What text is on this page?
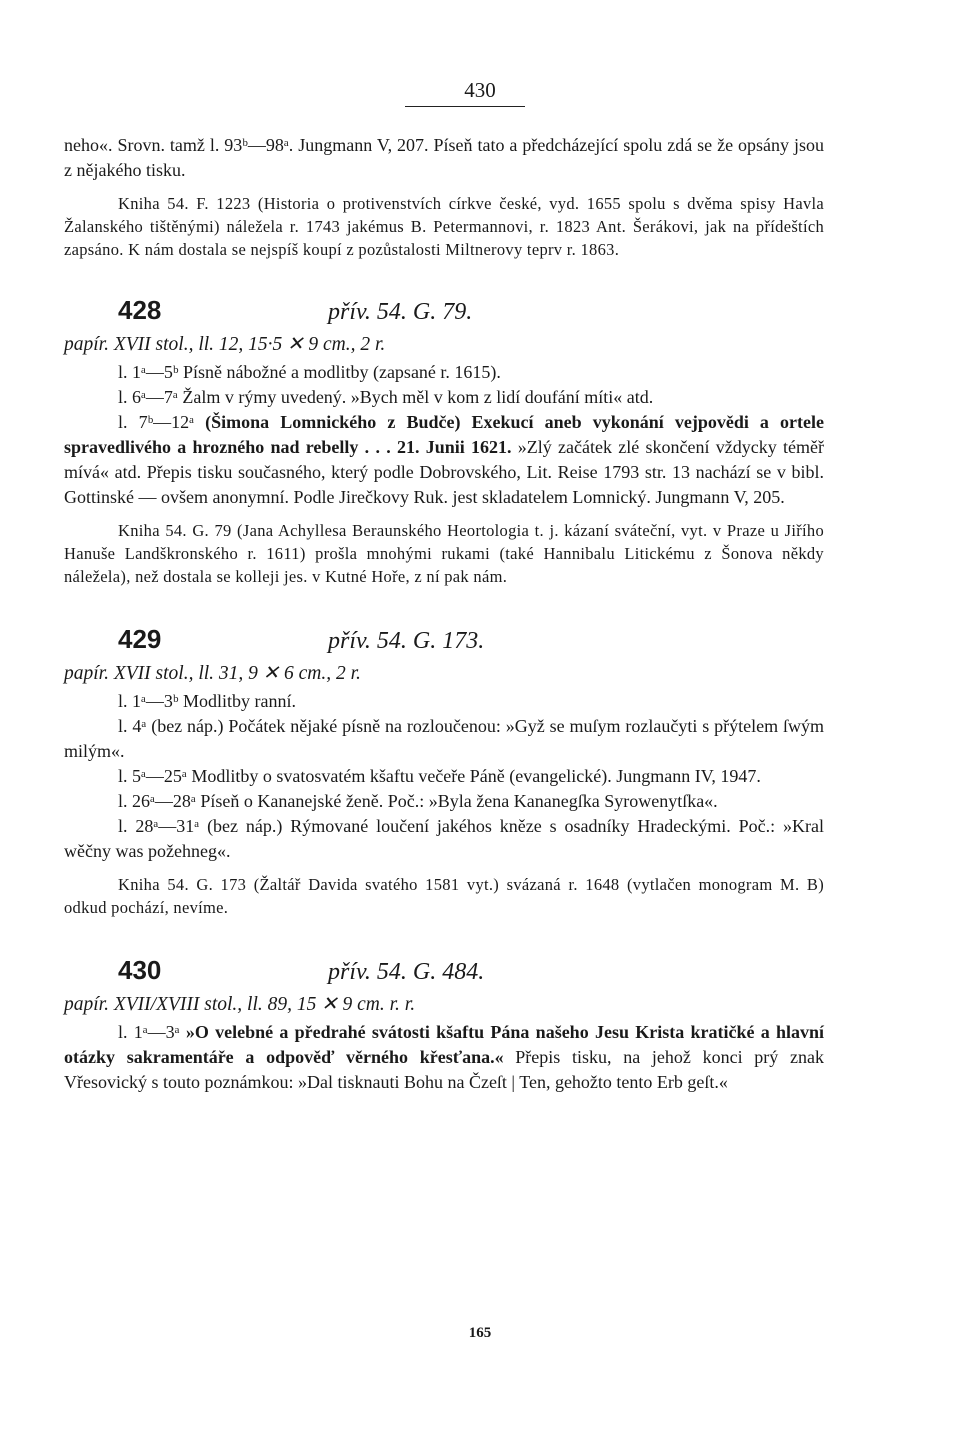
430

neho«. Srovn. tamž l. 93ᵇ—98ᵃ. Jungmann V, 207. Píseň tato a předcházející spolu zdá se že opsány jsou z nějakého tisku.

Kniha 54. F. 1223 (Historia o protivenstvích církve české, vyd. 1655 spolu s dvěma spisy Havla Žalanského tištěnými) náležela r. 1743 jakémus B. Petermannovi, r. 1823 Ant. Šerákovi, jak na přídeštích zapsáno. K nám dostala se nejspíš koupí z pozůstalosti Miltnerovy teprv r. 1863.

428	přív. 54. G. 79.

papír. XVII stol., ll. 12, 15·5 ✕ 9 cm., 2 r.

l. 1ᵃ—5ᵇ Písně nábožné a modlitby (zapsané r. 1615).

l. 6ᵃ—7ᵃ Žalm v rýmy uvedený. »Bych měl v kom z lidí doufání míti« atd.

l. 7ᵇ—12ᵃ (Šimona Lomnického z Budče) Exekucí aneb vykonání vejpovědi a ortele spravedlivého a hrozného nad rebelly . . . 21. Junii 1621. »Zlý začátek zlé skončení vždycky téměř mívá« atd. Přepis tisku současného, který podle Dobrovského, Lit. Reise 1793 str. 13 nachází se v bibl. Gottinské — ovšem anonymní. Podle Jirečkovy Ruk. jest skladatelem Lomnický. Jungmann V, 205.

Kniha 54. G. 79 (Jana Achyllesa Beraunského Heortologia t. j. kázaní sváteční, vyt. v Praze u Jiřího Hanuše Landškronského r. 1611) prošla mnohými rukami (také Hannibalu Litickému z Šonova někdy náležela), než dostala se kolleji jes. v Kutné Hoře, z ní pak nám.

429	přív. 54. G. 173.

papír. XVII stol., ll. 31, 9 ✕ 6 cm., 2 r.

l. 1ᵃ—3ᵇ Modlitby ranní.

l. 4ᵃ (bez náp.) Počátek nějaké písně na rozloučenou: »Gyž se muſym rozlaučyti s přýtelem ſwým milým«.

l. 5ᵃ—25ᵃ Modlitby o svatosvatém kšaftu večeře Páně (evangelické). Jungmann IV, 1947.

l. 26ᵃ—28ᵃ Píseň o Kananejské ženě. Poč.: »Byla žena Kananegſka Syrowenytſka«.

l. 28ᵃ—31ᵃ (bez náp.) Rýmované loučení jakéhos kněze s osadníky Hradeckými. Poč.: »Kral wěčny was požehneg«.

Kniha 54. G. 173 (Žaltář Davida svatého 1581 vyt.) svázaná r. 1648 (vytlačen monogram M. B) odkud pochází, nevíme.

430	přív. 54. G. 484.

papír. XVII/XVIII stol., ll. 89, 15 ✕ 9 cm. r. r.

l. 1ᵃ—3ᵃ »O velebné a předrahé svátosti kšaftu Pána našeho Jesu Krista kratičké a hlavní otázky sakramentáře a odpověď věrného křesťana.« Přepis tisku, na jehož konci prý znak Vřesovický s touto poznámkou: »Dal tisknauti Bohu na Čzeſt | Ten, gehožto tento Erb geſt.«

165
